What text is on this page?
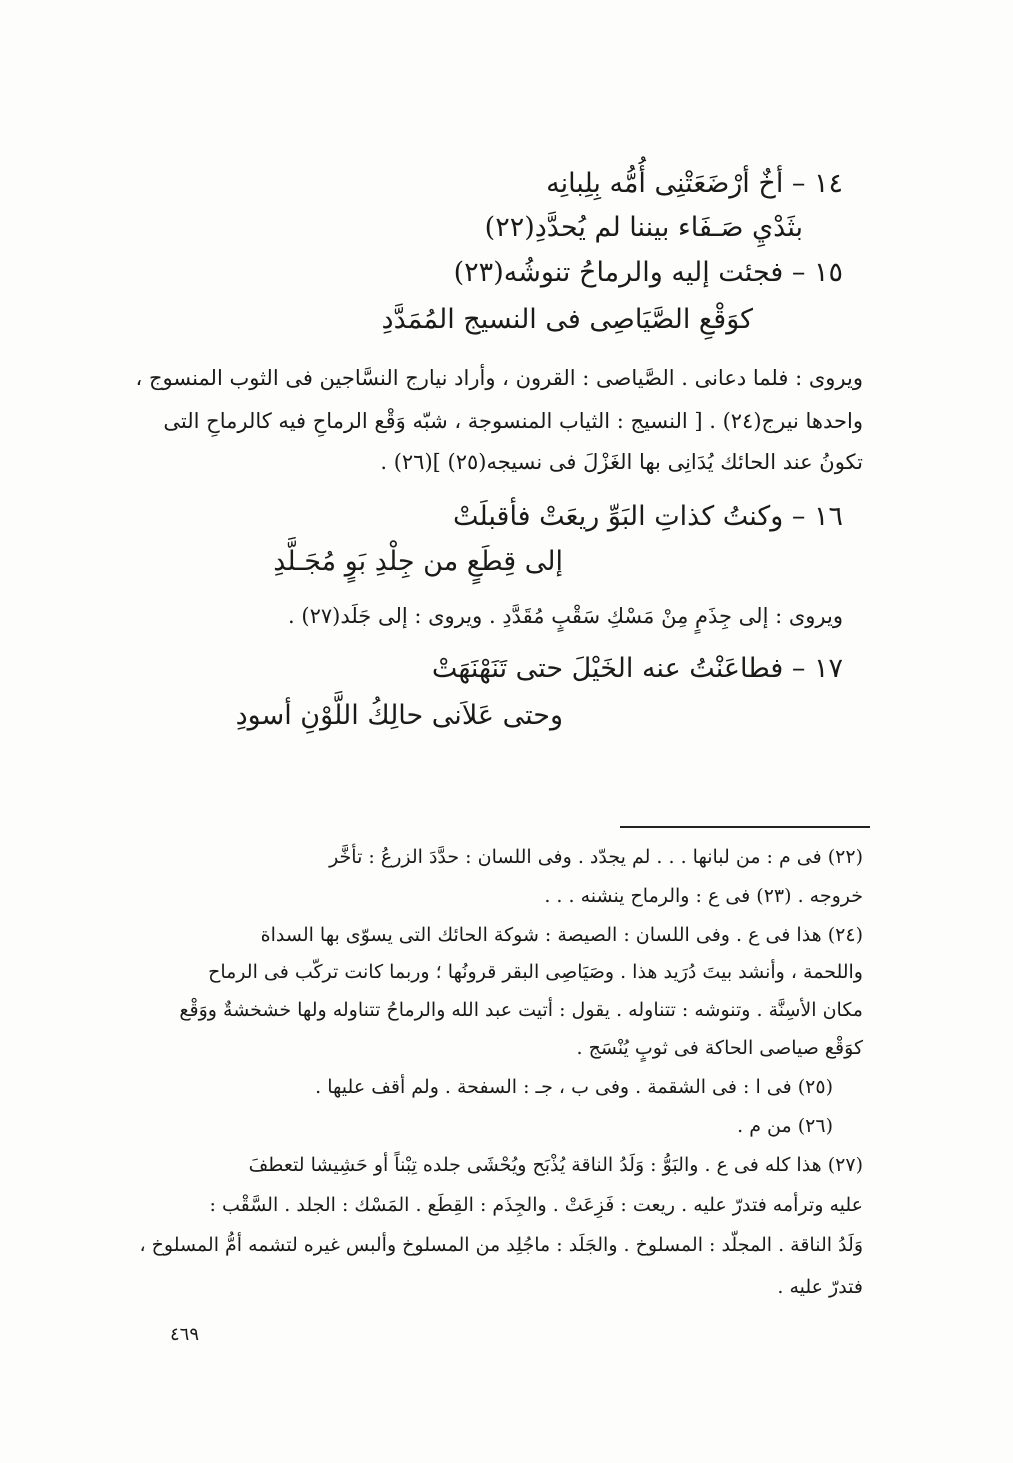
١٤ – أخٌ أرْضَعَتْنِى أُمُّه بِلِبانِه
بثَدْيِ صَـفَاء بيننا لم يُحدَّدِ(٢٢)
١٥ – فجئت إليه والرماحُ تنوشُه(٢٣)
كوَقْعِ الصَّيَاصِى فى النسيج المُمَدَّدِ
ويروى : فلما دعانى . الصَّياصى : القرون ، وأراد نيارج النسَّاجين فى الثوب المنسوج ،
واحدها نيرج(٢٤) . [ النسيج : الثياب المنسوجة ، شبّه وَقْع الرماحِ فيه كالرماحِ التى
تكونُ عند الحائك يُدَانِى بها الغَزْلَ فى نسيجه(٢٥) ](٢٦) .
١٦ – وكنتُ كذاتِ البَوِّ ريعَتْ فأقبلَتْ
إلى قِطَعٍ من جِلْدِ بَوٍ مُجَـلَّدِ
ويروى : إلى جِذَمٍ مِنْ مَسْكِ سَقْبٍ مُقَدَّدِ . ويروى : إلى جَلَد(٢٧) .
١٧ – فطاعَنْتُ عنه الخَيْلَ حتى تَنَهْنَهَتْ
وحتى عَلاَنى حالِكُ اللَّوْنِ أسودِ
(٢٢) فى م : من لبانها . . . لم يجدّد . وفى اللسان : حدَّدَ الزرعُ : تأخَّر
خروجه . (٢٣) فى ع : والرماح ينشنه . . .
(٢٤) هذا فى ع . وفى اللسان : الصيصة : شوكة الحائك التى يسوّى بها السداة
واللحمة ، وأنشد بيتَ دُرَيد هذا . وصَيَاصِى البقر قرونُها ؛ وربما كانت تركّب فى الرماح
مكان الأسِنَّة . وتنوشه : تتناوله . يقول : أتيت عبد الله والرماحُ تتناوله ولها خشخشةٌ ووَقْع
كوَقْع صياصى الحاكة فى ثوبٍ يُنْسَج .
(٢٥) فى ا : فى الشقمة . وفى ب ، جـ : السفحة . ولم أقف عليها .
(٢٦) من م .
(٢٧) هذا كله فى ع . والبَوُّ : وَلَدُ الناقة يُذْبَح ويُحْشَى جلده تِبْناً أو حَشِيشا لتعطفَ
عليه وترأمه فتدرّ عليه . ريعت : فَزِعَتْ . والجِذَم : القِطَع . المَسْك : الجلد . السَّقْب :
وَلَدُ الناقة . المجلّد : المسلوخ . والجَلَد : ماجُلِد من المسلوخ وألبس غيره لتشمه أمُّ المسلوخ ،
فتدرّ عليه .
٤٦٩
